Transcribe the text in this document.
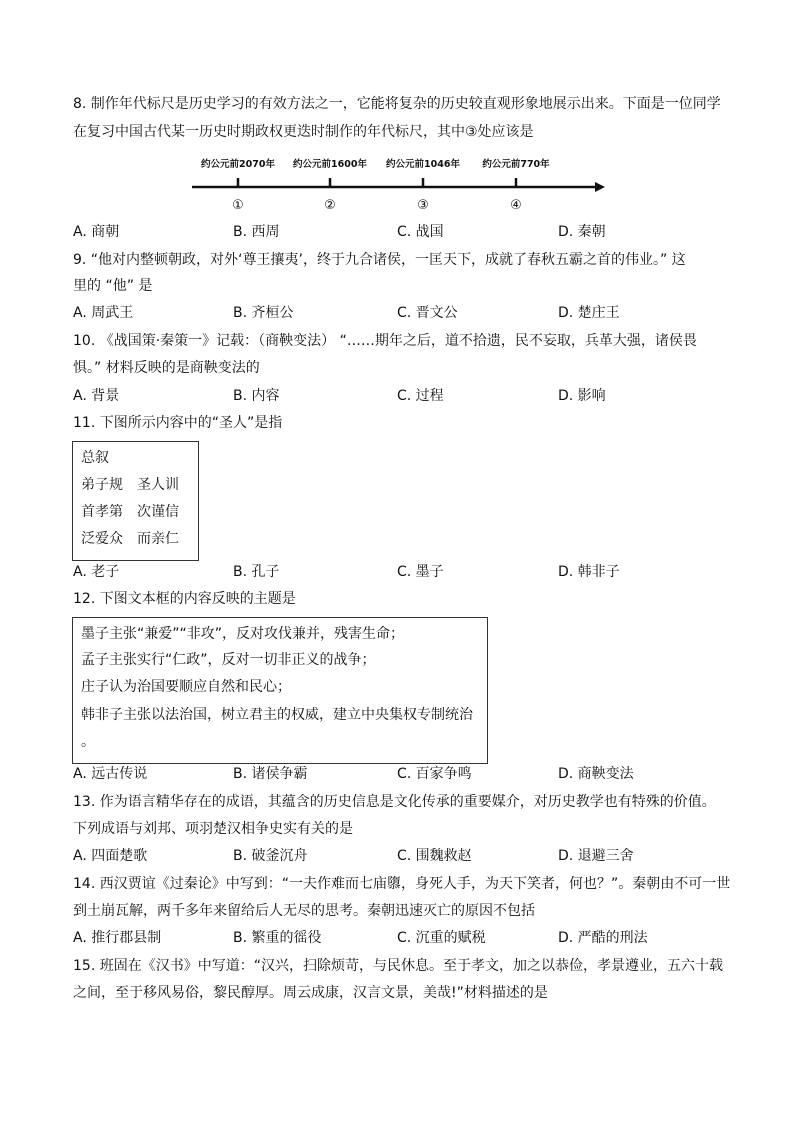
8. 制作年代标尺是历史学习的有效方法之一，它能将复杂的历史较直观形象地展示出来。下面是一位同学
在复习中国古代某一历史时期政权更迭时制作的年代标尺，其中③处应该是
约公元前2070年 约公元前1600年 约公元前1046年 约公元前770年
①	②	③	④
A. 商朝	B. 西周	C. 战国	D. 秦朝
9. “他对内整顿朝政，对外‘尊王攘夷’，终于九合诸侯，一匡天下，成就了春秋五霸之首的伟业。” 这
里的 “他” 是
A. 周武王	B. 齐桓公	C. 晋文公	D. 楚庄王
10. 《战国策·秦策一》记载：（商鞅变法） “……期年之后，道不拾遗，民不妄取，兵革大强，诸侯畏
惧。” 材料反映的是商鞅变法的
A. 背景	B. 内容	C. 过程	D. 影响
11. 下图所示内容中的“圣人”是指
总叙
弟子规　圣人训
首孝第　次谨信
泛爱众　而亲仁
A. 老子	B. 孔子	C. 墨子	D. 韩非子
12. 下图文本框的内容反映的主题是
墨子主张“兼爱”“非攻”，反对攻伐兼并，残害生命；
孟子主张实行“仁政”，反对一切非正义的战争；
庄子认为治国要顺应自然和民心；
韩非子主张以法治国，树立君主的权威，建立中央集权专制统治
。
A. 远古传说	B. 诸侯争霸	C. 百家争鸣	D. 商鞅变法
13. 作为语言精华存在的成语，其蕴含的历史信息是文化传承的重要媒介，对历史教学也有特殊的价值。
下列成语与刘邦、项羽楚汉相争史实有关的是
A. 四面楚歌	B. 破釜沉舟	C. 围魏救赵	D. 退避三舍
14. 西汉贾谊《过秦论》中写到：“一夫作难而七庙隳，身死人手，为天下笑者，何也？”。秦朝由不可一世
到土崩瓦解，两千多年来留给后人无尽的思考。秦朝迅速灭亡的原因不包括
A. 推行郡县制	B. 繁重的徭役	C. 沉重的赋税	D. 严酷的刑法
15. 班固在《汉书》中写道：“汉兴，扫除烦苛，与民休息。至于孝文，加之以恭俭，孝景遵业，五六十载
之间，至于移风易俗，黎民醇厚。周云成康，汉言文景，美哉!”材料描述的是
